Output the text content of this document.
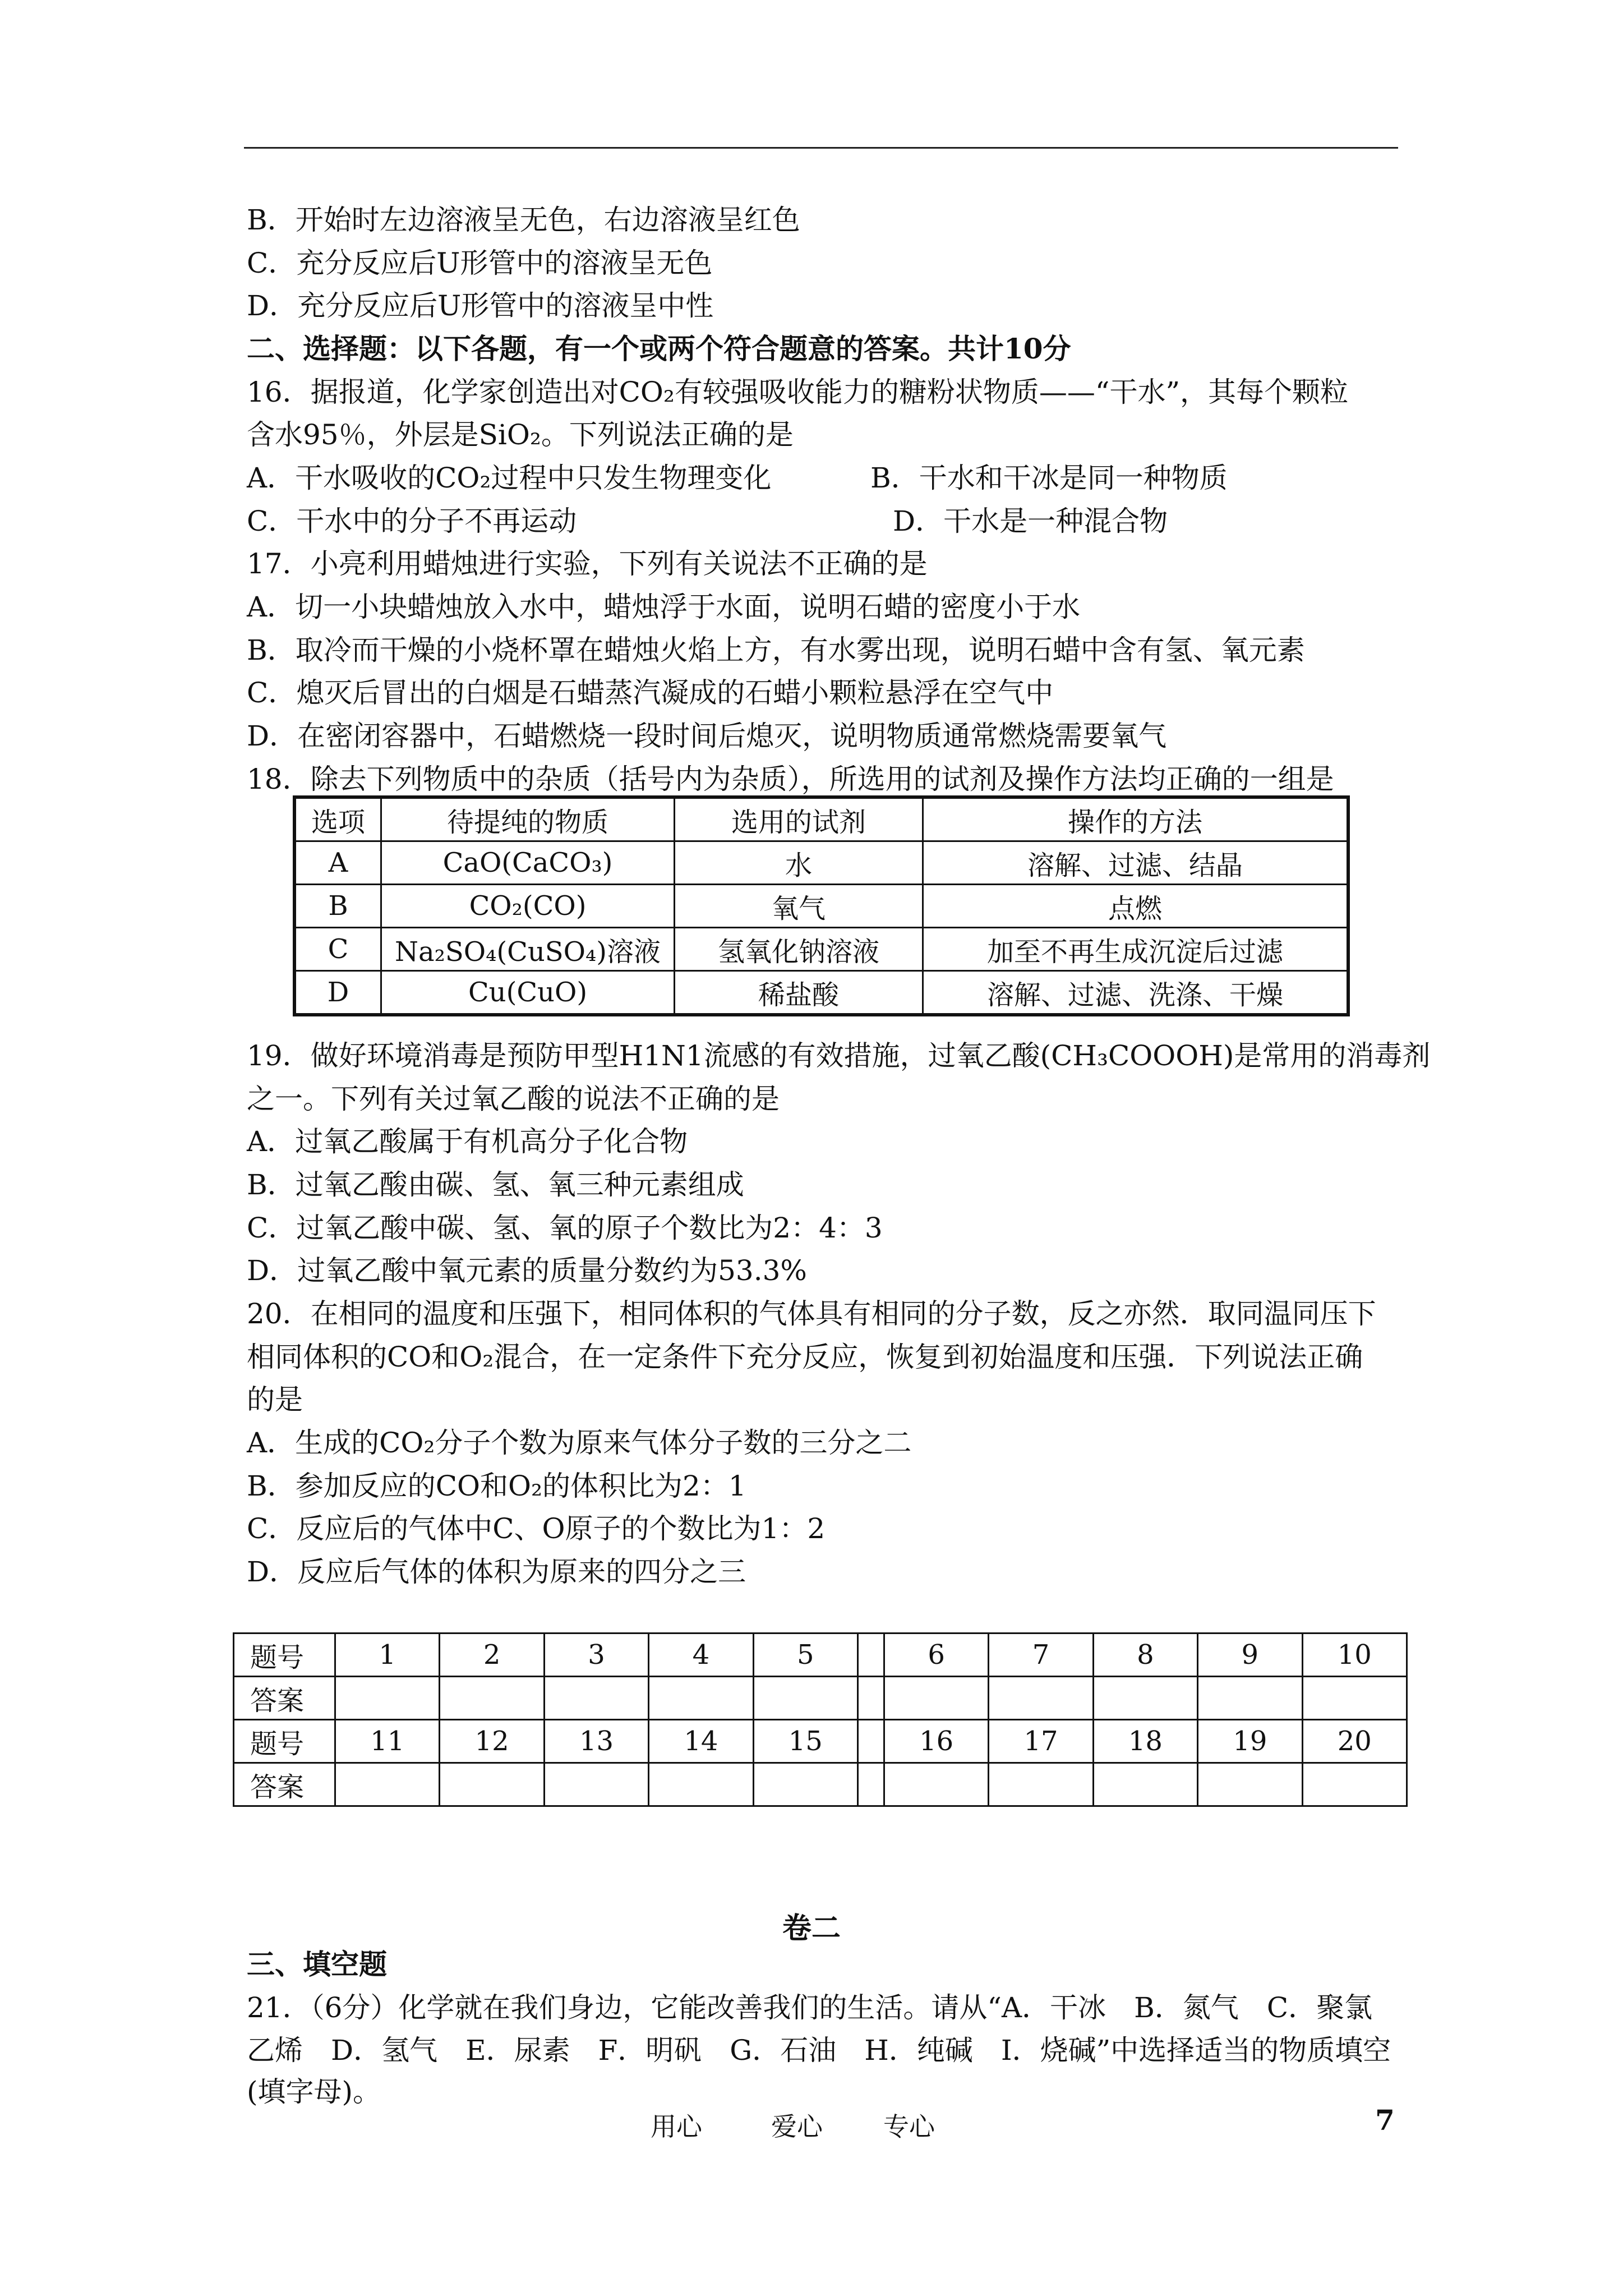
B．开始时左边溶液呈无色，右边溶液呈红色
C．充分反应后U形管中的溶液呈无色
D．充分反应后U形管中的溶液呈中性
二、选择题：以下各题，有一个或两个符合题意的答案。共计10分
16．据报道，化学家创造出对CO₂有较强吸收能力的糖粉状物质——“干水”，其每个颗粒
含水95％，外层是SiO₂。下列说法正确的是
A．干水吸收的CO₂过程中只发生物理变化	B．干水和干冰是同一种物质
C．干水中的分子不再运动	D．干水是一种混合物
17．小亮利用蜡烛进行实验，下列有关说法不正确的是
A．切一小块蜡烛放入水中，蜡烛浮于水面，说明石蜡的密度小于水
B．取冷而干燥的小烧杯罩在蜡烛火焰上方，有水雾出现，说明石蜡中含有氢、氧元素
C．熄灭后冒出的白烟是石蜡蒸汽凝成的石蜡小颗粒悬浮在空气中
D．在密闭容器中，石蜡燃烧一段时间后熄灭，说明物质通常燃烧需要氧气
18．除去下列物质中的杂质（括号内为杂质），所选用的试剂及操作方法均正确的一组是
选项	待提纯的物质	选用的试剂	操作的方法
A	CaO(CaCO₃)	水	溶解、过滤、结晶
B	CO₂(CO)	氧气	点燃
C	Na₂SO₄(CuSO₄)溶液	氢氧化钠溶液	加至不再生成沉淀后过滤
D	Cu(CuO)	稀盐酸	溶解、过滤、洗涤、干燥
19．做好环境消毒是预防甲型H1N1流感的有效措施，过氧乙酸(CH₃COOOH)是常用的消毒剂
之一。下列有关过氧乙酸的说法不正确的是
A．过氧乙酸属于有机高分子化合物
B．过氧乙酸由碳、氢、氧三种元素组成
C．过氧乙酸中碳、氢、氧的原子个数比为2：4：3
D．过氧乙酸中氧元素的质量分数约为53.3%
20．在相同的温度和压强下，相同体积的气体具有相同的分子数，反之亦然．取同温同压下
相同体积的CO和O₂混合，在一定条件下充分反应，恢复到初始温度和压强．下列说法正确
的是
A．生成的CO₂分子个数为原来气体分子数的三分之二
B．参加反应的CO和O₂的体积比为2：1
C．反应后的气体中C、O原子的个数比为1：2
D．反应后气体的体积为原来的四分之三
题号	1	2	3	4	5		6	7	8	9	10
答案											
题号	11	12	13	14	15		16	17	18	19	20
答案											
卷二
三、填空题
21．（6分）化学就在我们身边，它能改善我们的生活。请从“A．干冰　B．氮气　C．聚氯
乙烯　D．氢气　E．尿素　F．明矾　G．石油　H．纯碱　I．烧碱”中选择适当的物质填空
(填字母)。
用心	爱心 专心	7
